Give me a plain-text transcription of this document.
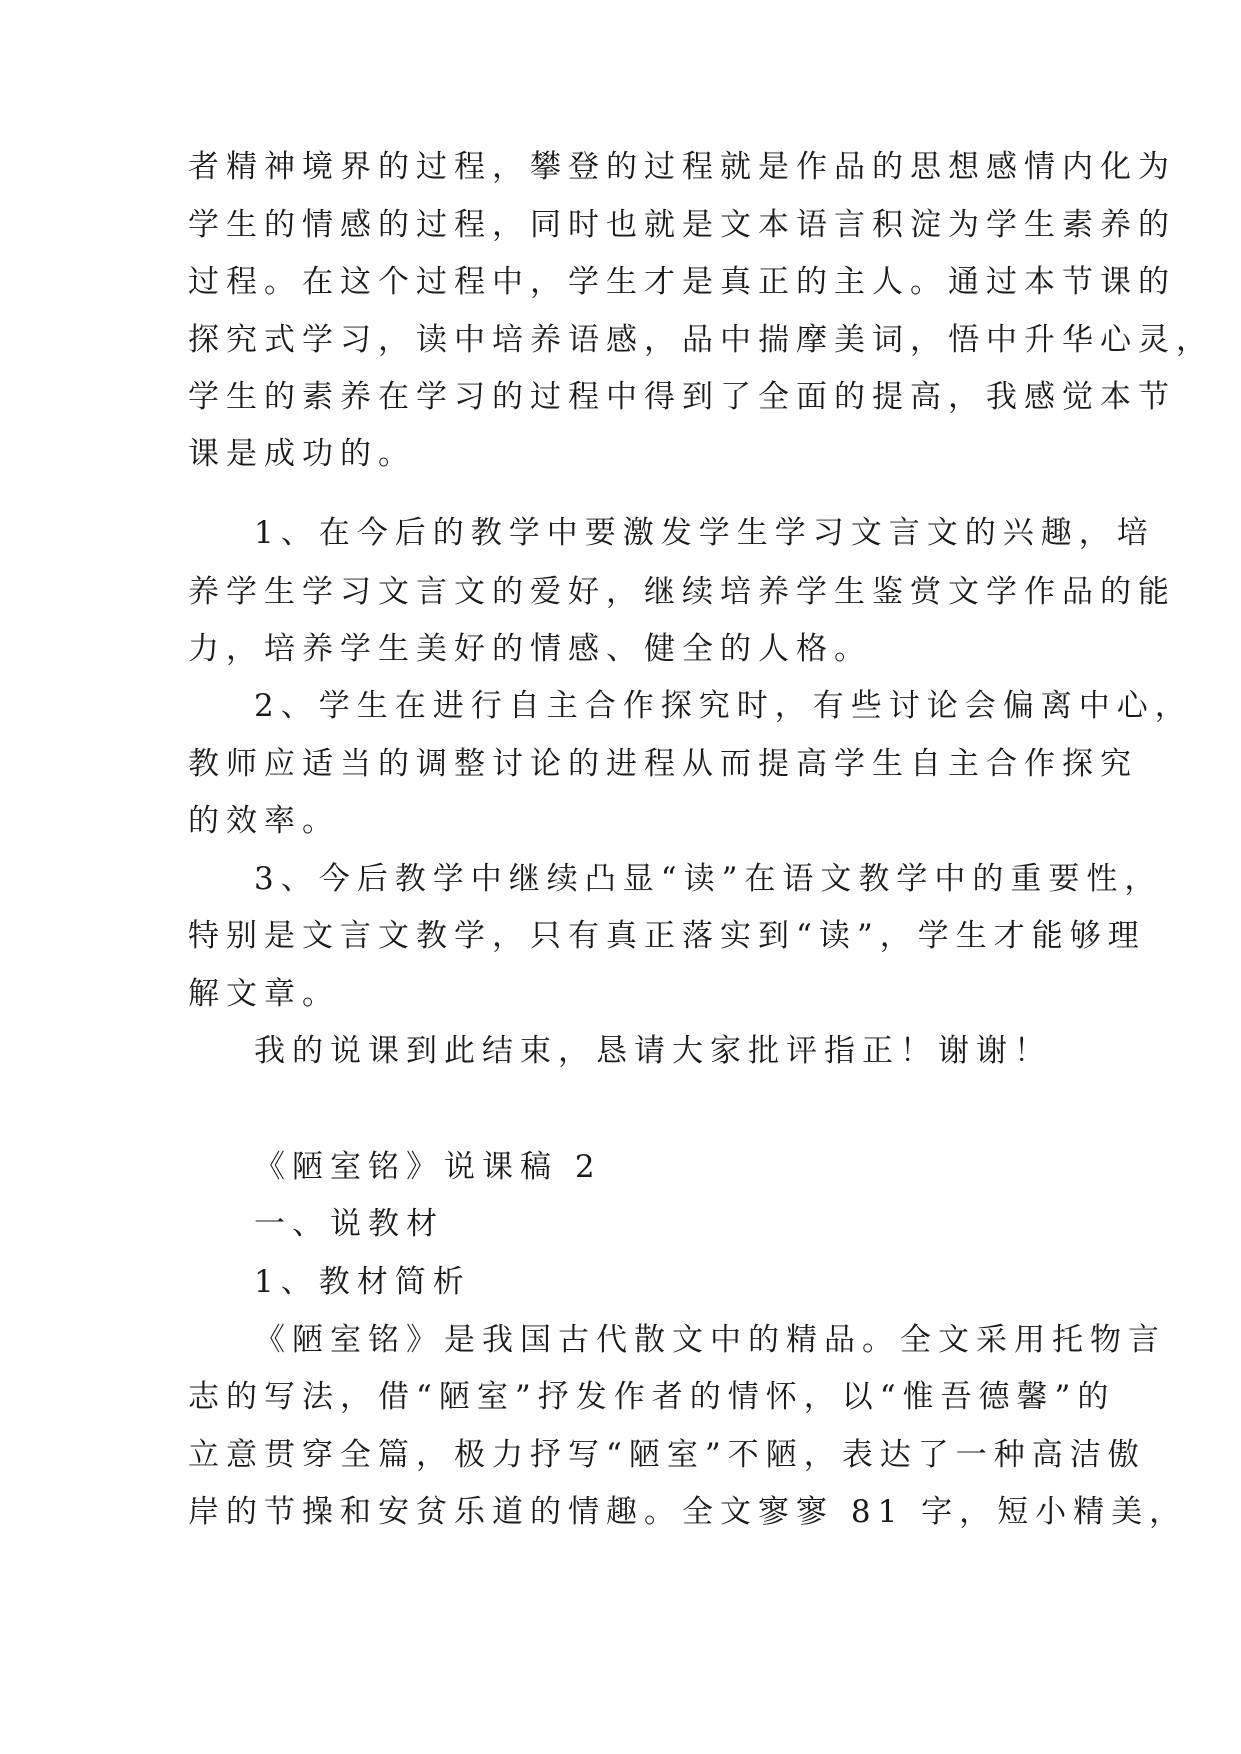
者精神境界的过程，攀登的过程就是作品的思想感情内化为
学生的情感的过程，同时也就是文本语言积淀为学生素养的
过程。在这个过程中，学生才是真正的主人。通过本节课的
探究式学习，读中培养语感，品中揣摩美词，悟中升华心灵，
学生的素养在学习的过程中得到了全面的提高，我感觉本节
课是成功的。
1、在今后的教学中要激发学生学习文言文的兴趣，培
养学生学习文言文的爱好，继续培养学生鉴赏文学作品的能
力，培养学生美好的情感、健全的人格。
2、学生在进行自主合作探究时，有些讨论会偏离中心，
教师应适当的调整讨论的进程从而提高学生自主合作探究
的效率。
3、今后教学中继续凸显“读”在语文教学中的重要性，
特别是文言文教学，只有真正落实到“读”，学生才能够理
解文章。
我的说课到此结束，恳请大家批评指正！谢谢！
《陋室铭》说课稿 2
一、说教材
1、教材简析
《陋室铭》是我国古代散文中的精品。全文采用托物言
志的写法，借“陋室”抒发作者的情怀，以“惟吾德馨”的
立意贯穿全篇，极力抒写“陋室”不陋，表达了一种高洁傲
岸的节操和安贫乐道的情趣。全文寥寥 81 字，短小精美，
